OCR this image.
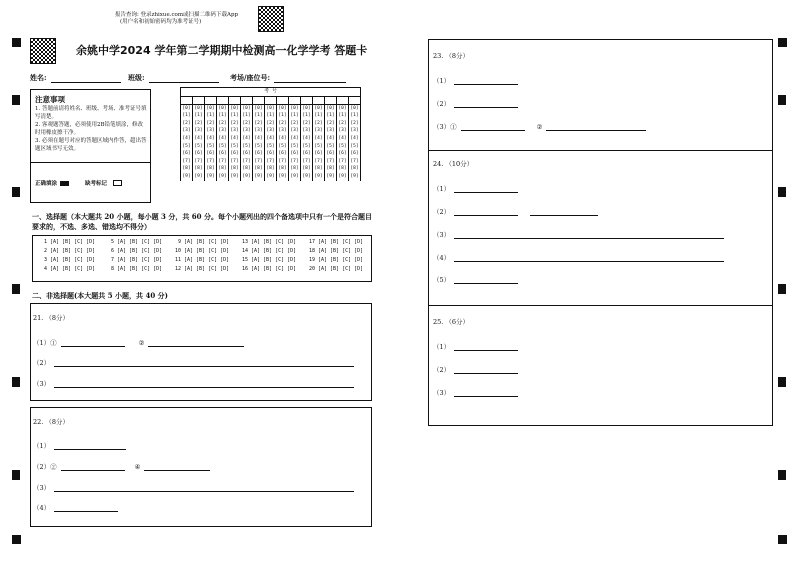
报告查询: 登录zhixue.com或扫描二维码下载App
(用户名和初始密码均为准考证号)
余姚中学2024 学年第二学期期中检测高一化学学考 答题卡
姓名:	班级:	考场/座位号:
注意事项
1. 答题前请将姓名、班级、考场、准考证号填写清楚。
2. 客观题答题，必须使用2B铅笔填涂，修改时用橡皮擦干净。
3. 必须在题号对应的答题区域内作答，超出答题区域书写无效。
正确填涂	缺考标记
考 号														

[0]	[0]	[0]	[0]	[0]	[0]	[0]	[0]	[0]	[0]	[0]	[0]	[0]	[0]	[0]
[1]	[1]	[1]	[1]	[1]	[1]	[1]	[1]	[1]	[1]	[1]	[1]	[1]	[1]	[1]
[2]	[2]	[2]	[2]	[2]	[2]	[2]	[2]	[2]	[2]	[2]	[2]	[2]	[2]	[2]
[3]	[3]	[3]	[3]	[3]	[3]	[3]	[3]	[3]	[3]	[3]	[3]	[3]	[3]	[3]
[4]	[4]	[4]	[4]	[4]	[4]	[4]	[4]	[4]	[4]	[4]	[4]	[4]	[4]	[4]
[5]	[5]	[5]	[5]	[5]	[5]	[5]	[5]	[5]	[5]	[5]	[5]	[5]	[5]	[5]
[6]	[6]	[6]	[6]	[6]	[6]	[6]	[6]	[6]	[6]	[6]	[6]	[6]	[6]	[6]
[7]	[7]	[7]	[7]	[7]	[7]	[7]	[7]	[7]	[7]	[7]	[7]	[7]	[7]	[7]
[8]	[8]	[8]	[8]	[8]	[8]	[8]	[8]	[8]	[8]	[8]	[8]	[8]	[8]	[8]
[9]	[9]	[9]	[9]	[9]	[9]	[9]	[9]	[9]	[9]	[9]	[9]	[9]	[9]	[9]
一、选择题（本大题共 20 小题，每小题 3 分，共 60 分。每个小题列出的四个备选项中只有一个是符合题目要求的，不选、多选、错选均不得分）
1 [A] [B] [C] [D]
2 [A] [B] [C] [D]
3 [A] [B] [C] [D]
4 [A] [B] [C] [D]
5 [A] [B] [C] [D]
6 [A] [B] [C] [D]
7 [A] [B] [C] [D]
8 [A] [B] [C] [D]
9 [A] [B] [C] [D]
10 [A] [B] [C] [D]
11 [A] [B] [C] [D]
12 [A] [B] [C] [D]
13 [A] [B] [C] [D]
14 [A] [B] [C] [D]
15 [A] [B] [C] [D]
16 [A] [B] [C] [D]
17 [A] [B] [C] [D]
18 [A] [B] [C] [D]
19 [A] [B] [C] [D]
20 [A] [B] [C] [D]
二、非选择题(本大题共 5 小题，共 40 分)
21. （8分）
（1）①	②
（2）
（3）
22. （8分）
（1）
（2）②	④
（3）
（4）
23. （8分）
（1）
（2）
（3）①	②
24. （10分）
（1）
（2）
（3）
（4）
（5）
25. （6分）
（1）
（2）
（3）
